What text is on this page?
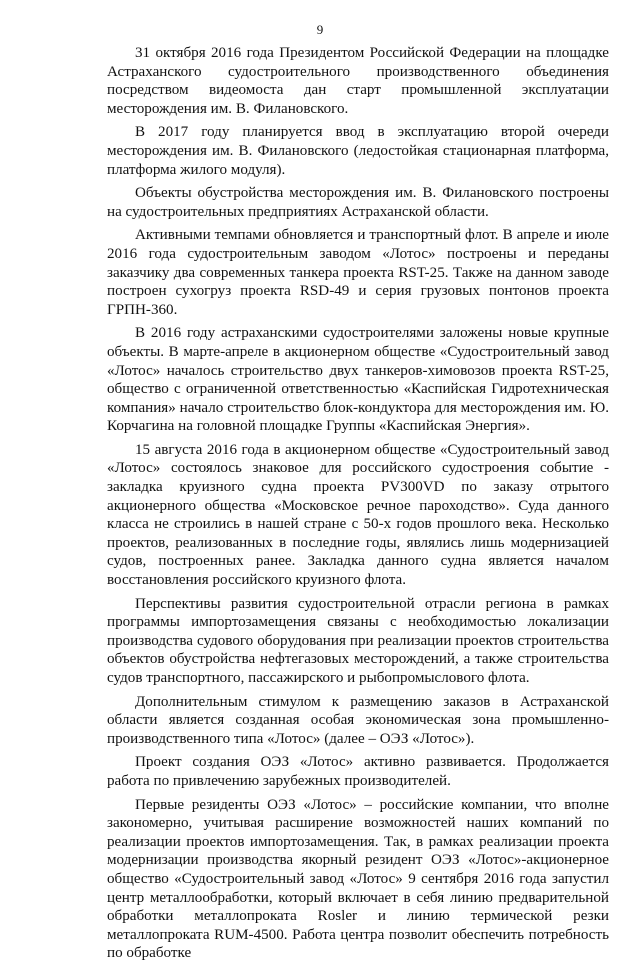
9

31 октября 2016 года Президентом Российской Федерации на площадке Астраханского судостроительного производственного объединения посредством видеомоста дан старт промышленной эксплуатации месторождения им. В. Филановского.

В 2017 году планируется ввод в эксплуатацию второй очереди месторождения им. В. Филановского (ледостойкая стационарная платформа, платформа жилого модуля).

Объекты обустройства месторождения им. В. Филановского построены на судостроительных предприятиях Астраханской области.

Активными темпами обновляется и транспортный флот. В апреле и июле 2016 года судостроительным заводом «Лотос» построены и переданы заказчику два современных танкера проекта RST-25. Также на данном заводе построен сухогруз проекта RSD-49 и серия грузовых понтонов проекта ГРПН-360.

В 2016 году астраханскими судостроителями заложены новые крупные объекты. В марте-апреле в акционерном обществе «Судостроительный завод «Лотос» началось строительство двух танкеров-химовозов проекта RST-25, общество с ограниченной ответственностью «Каспийская Гидротехническая компания» начало строительство блок-кондуктора для месторождения им. Ю. Корчагина на головной площадке Группы «Каспийская Энергия».

15 августа 2016 года в акционерном обществе «Судостроительный завод «Лотос» состоялось знаковое для российского судостроения событие - закладка круизного судна проекта PV300VD по заказу отрытого акционерного общества «Московское речное пароходство». Суда данного класса не строились в нашей стране с 50-х годов прошлого века. Несколько проектов, реализованных в последние годы, являлись лишь модернизацией судов, построенных ранее. Закладка данного судна является началом восстановления российского круизного флота.

Перспективы развития судостроительной отрасли региона в рамках программы импортозамещения связаны с необходимостью локализации производства судового оборудования при реализации проектов строительства объектов обустройства нефтегазовых месторождений, а также строительства судов транспортного, пассажирского и рыбопромыслового флота.

Дополнительным стимулом к размещению заказов в Астраханской области является созданная особая экономическая зона промышленно-производственного типа «Лотос» (далее – ОЭЗ «Лотос»).

Проект создания ОЭЗ «Лотос» активно развивается. Продолжается работа по привлечению зарубежных производителей.

Первые резиденты ОЭЗ «Лотос» – российские компании, что вполне закономерно, учитывая расширение возможностей наших компаний по реализации проектов импортозамещения. Так, в рамках реализации проекта модернизации производства якорный резидент ОЭЗ «Лотос»-акционерное общество «Судостроительный завод «Лотос» 9 сентября 2016 года запустил центр металлообработки, который включает в себя линию предварительной обработки металлопроката Rosler и линию термической резки металлопроката RUM-4500. Работа центра позволит обеспечить потребность по обработке
